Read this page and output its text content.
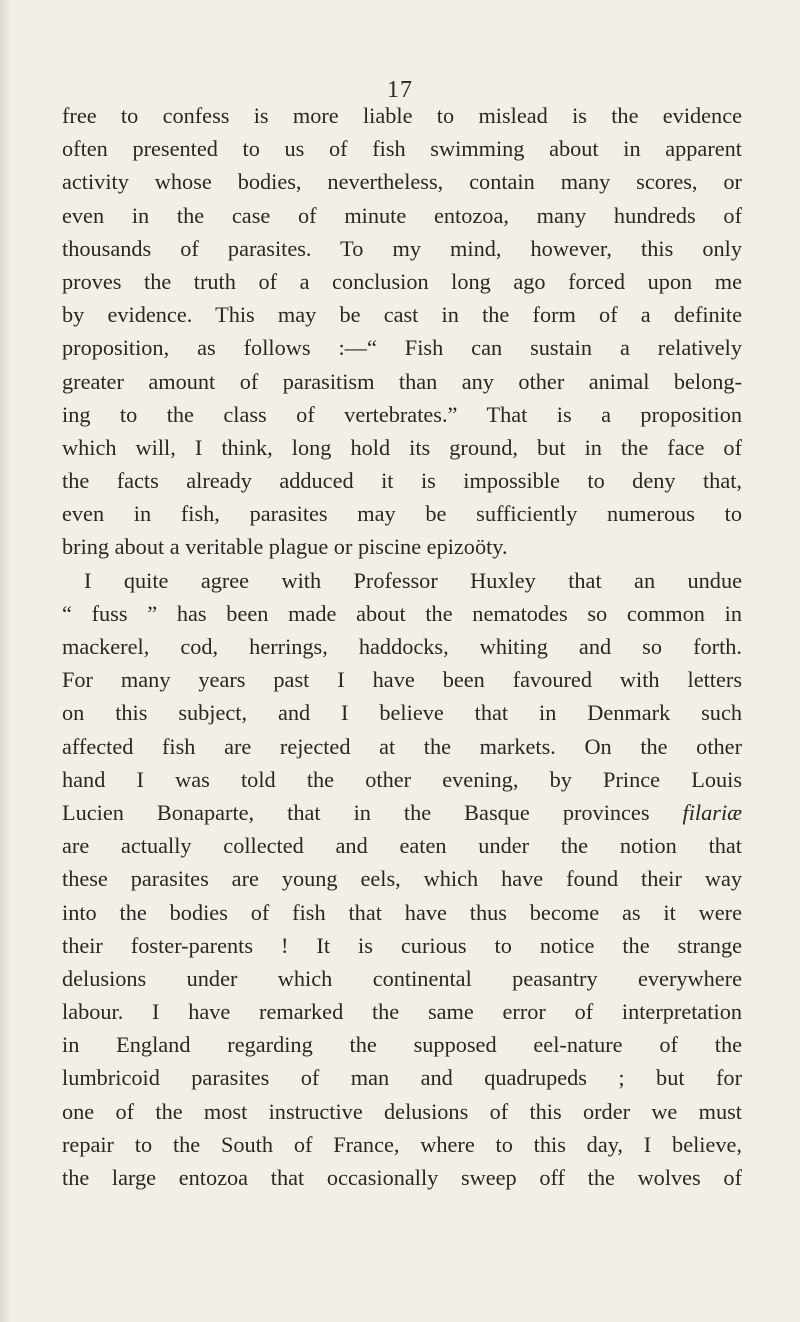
17
free to confess is more liable to mislead is the evidence
often presented to us of fish swimming about in apparent
activity whose bodies, nevertheless, contain many scores, or
even in the case of minute entozoa, many hundreds of
thousands of parasites. To my mind, however, this only
proves the truth of a conclusion long ago forced upon me
by evidence. This may be cast in the form of a definite
proposition, as follows :—“ Fish can sustain a relatively
greater amount of parasitism than any other animal belong-
ing to the class of vertebrates.” That is a proposition
which will, I think, long hold its ground, but in the face of
the facts already adduced it is impossible to deny that,
even in fish, parasites may be sufficiently numerous to
bring about a veritable plague or piscine epizoöty.
I quite agree with Professor Huxley that an undue
“ fuss ” has been made about the nematodes so common in
mackerel, cod, herrings, haddocks, whiting and so forth.
For many years past I have been favoured with letters
on this subject, and I believe that in Denmark such
affected fish are rejected at the markets. On the other
hand I was told the other evening, by Prince Louis
Lucien Bonaparte, that in the Basque provinces filariæ
are actually collected and eaten under the notion that
these parasites are young eels, which have found their way
into the bodies of fish that have thus become as it were
their foster-parents ! It is curious to notice the strange
delusions under which continental peasantry everywhere
labour. I have remarked the same error of interpretation
in England regarding the supposed eel-nature of the
lumbricoid parasites of man and quadrupeds ; but for
one of the most instructive delusions of this order we must
repair to the South of France, where to this day, I believe,
the large entozoa that occasionally sweep off the wolves of
